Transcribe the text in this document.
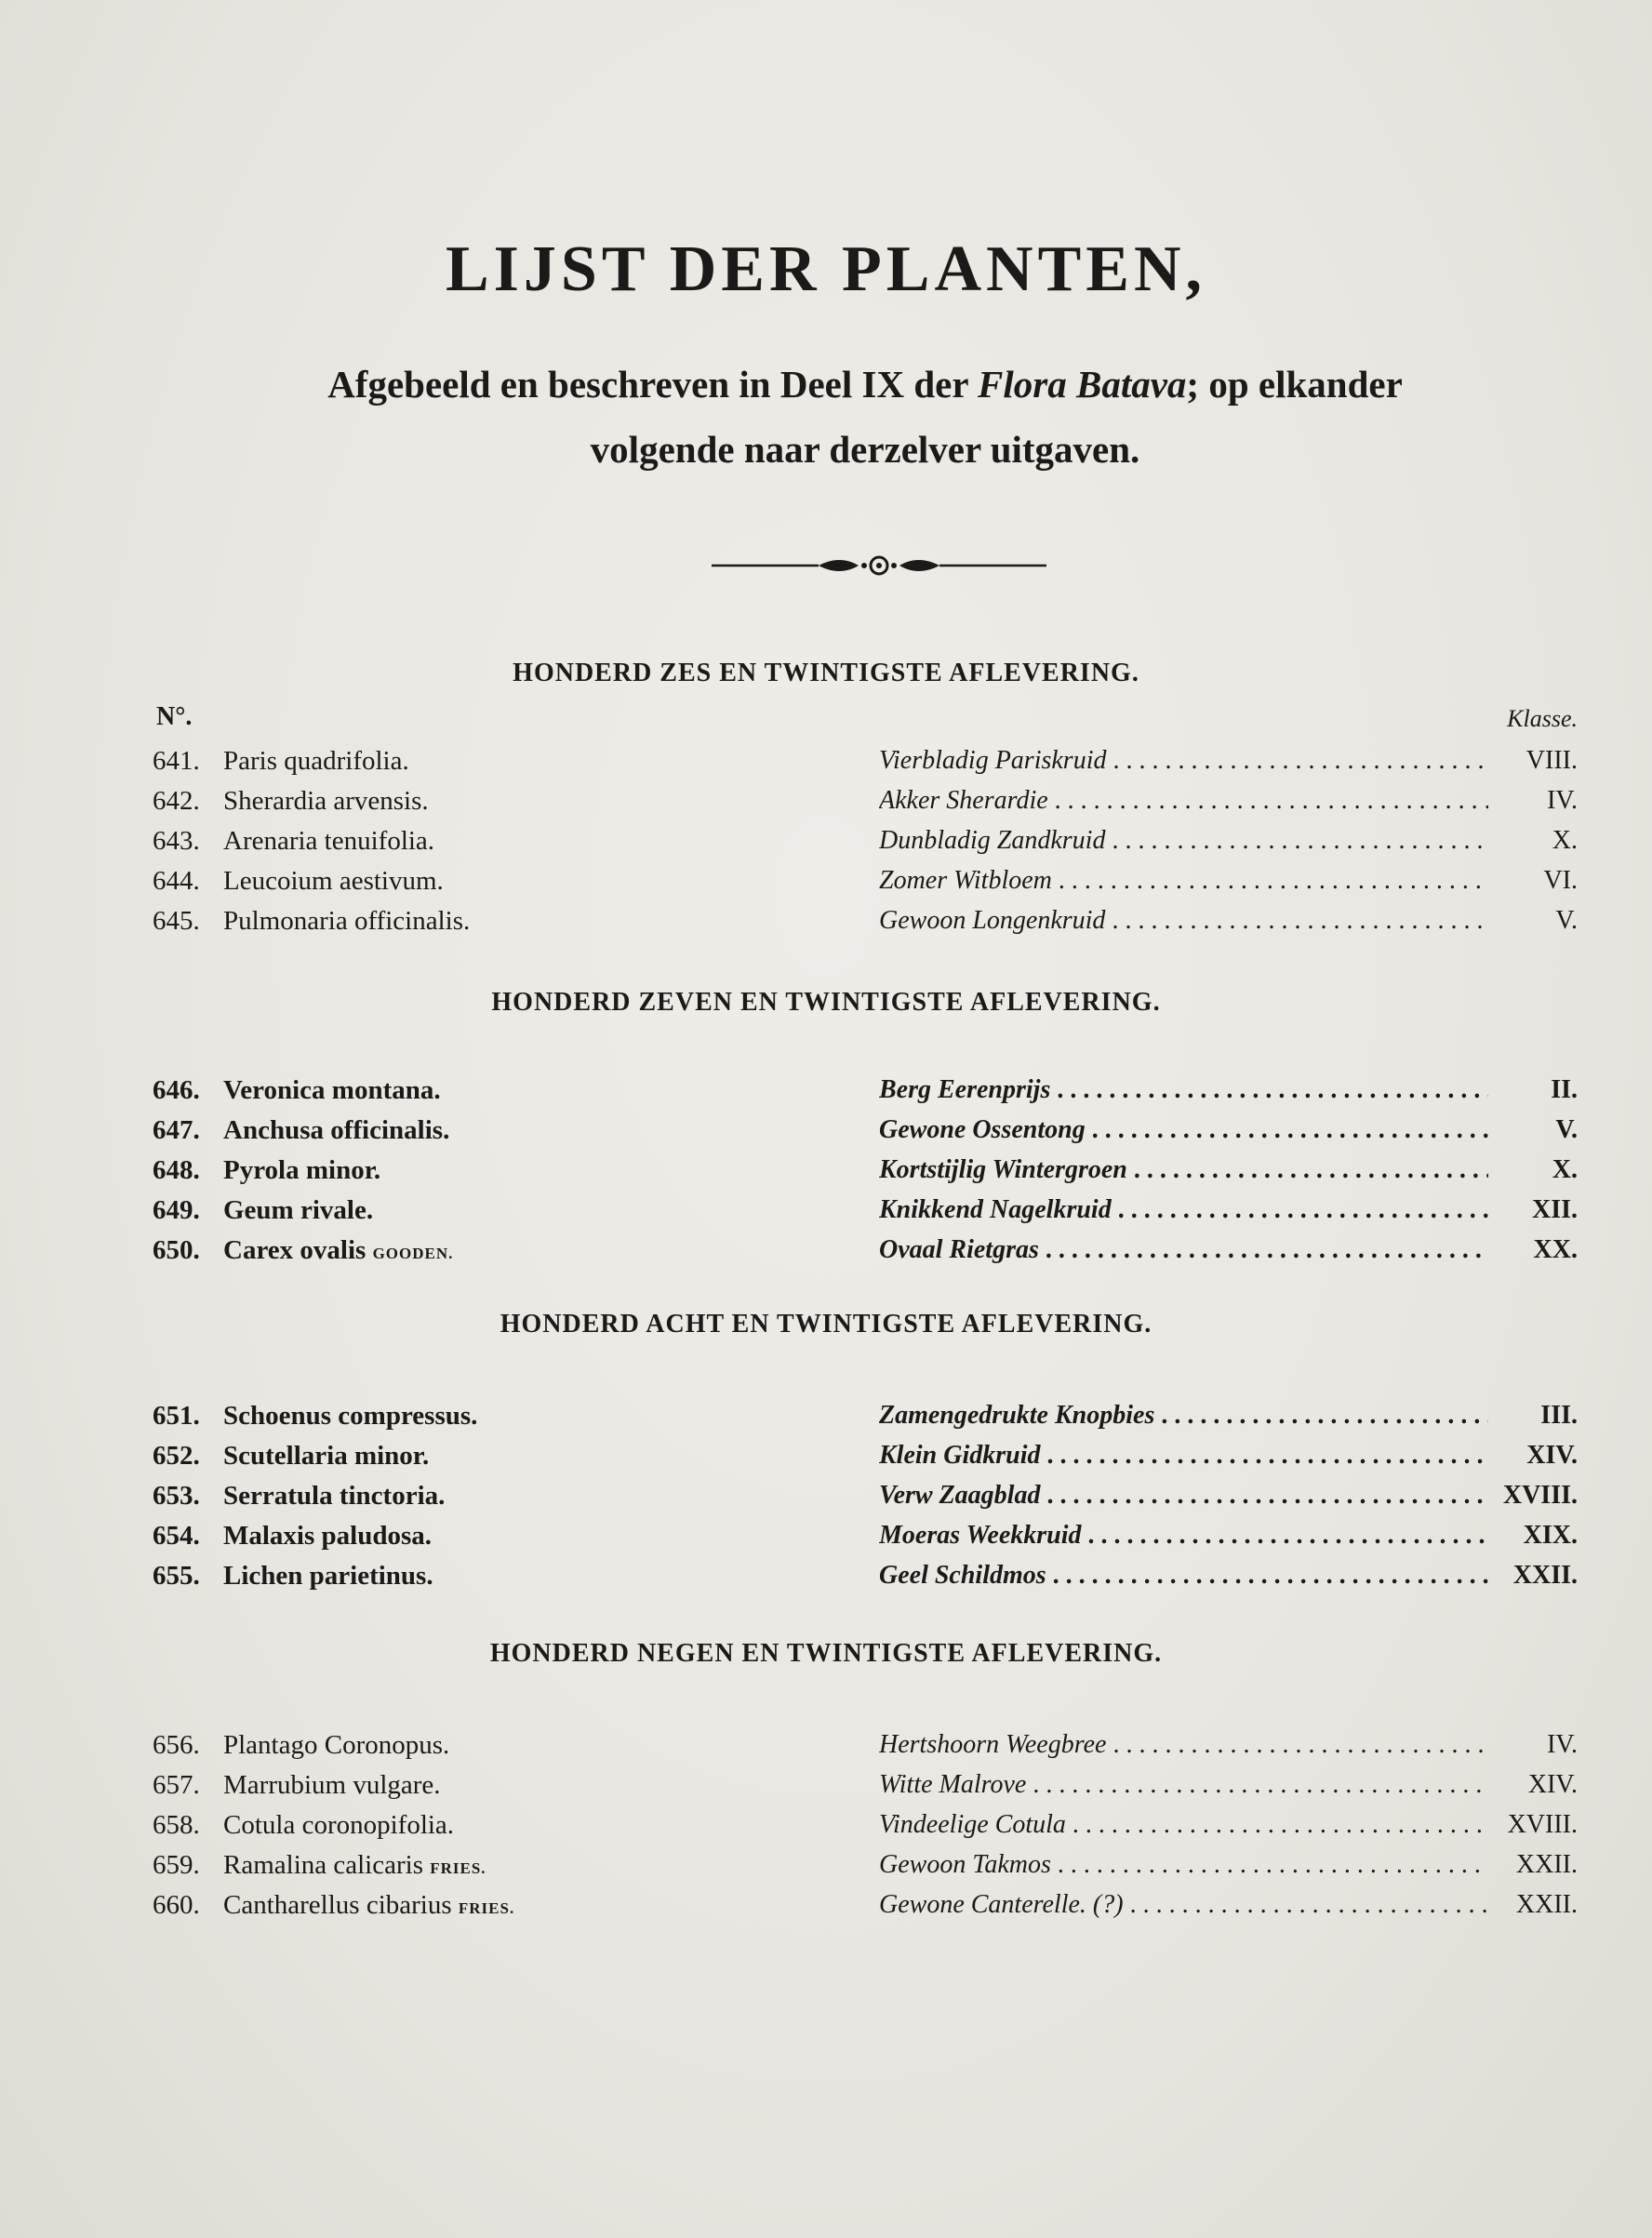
LIJST DER PLANTEN,

Afgebeeld en beschreven in Deel IX der Flora Batava; op elkander
volgende naar derzelver uitgaven.

N°.	Klasse.
HONDERD ZES EN TWINTIGSTE AFLEVERING.
641. Paris quadrifolia.	Vierbladig Pariskruid . . .	VIII.
642. Sherardia arvensis.	Akker Sherardie . . .	IV.
643. Arenaria tenuifolia.	Dunbladig Zandkruid . . .	X.
644. Leucoium aestivum.	Zomer Witbloem . . .	VI.
645. Pulmonaria officinalis.	Gewoon Longenkruid . . .	V.
HONDERD ZEVEN EN TWINTIGSTE AFLEVERING.
646. Veronica montana.	Berg Eerenprijs . . .	II.
647. Anchusa officinalis.	Gewone Ossentong . . .	V.
648. Pyrola minor.	Kortstijlig Wintergroen . . .	X.
649. Geum rivale.	Knikkend Nagelkruid . . .	XII.
650. Carex ovalis GOODEN.	Ovaal Rietgras . . .	XX.
HONDERD ACHT EN TWINTIGSTE AFLEVERING.
651. Schoenus compressus.	Zamengedrukte Knopbies . . .	III.
652. Scutellaria minor.	Klein Gidkruid . . .	XIV.
653. Serratula tinctoria.	Verw Zaagblad . . .	XVIII.
654. Malaxis paludosa.	Moeras Weekkruid . . .	XIX.
655. Lichen parietinus.	Geel Schildmos . . .	XXII.
HONDERD NEGEN EN TWINTIGSTE AFLEVERING.
656. Plantago Coronopus.	Hertshoorn Weegbree . . .	IV.
657. Marrubium vulgare.	Witte Malrove . . .	XIV.
658. Cotula coronopifolia.	Vindeelige Cotula . . .	XVIII.
659. Ramalina calicaris FRIES.	Gewoon Takmos . . .	XXII.
660. Cantharellus cibarius FRIES.	Gewone Canterelle. (?) . . .	XXII.
